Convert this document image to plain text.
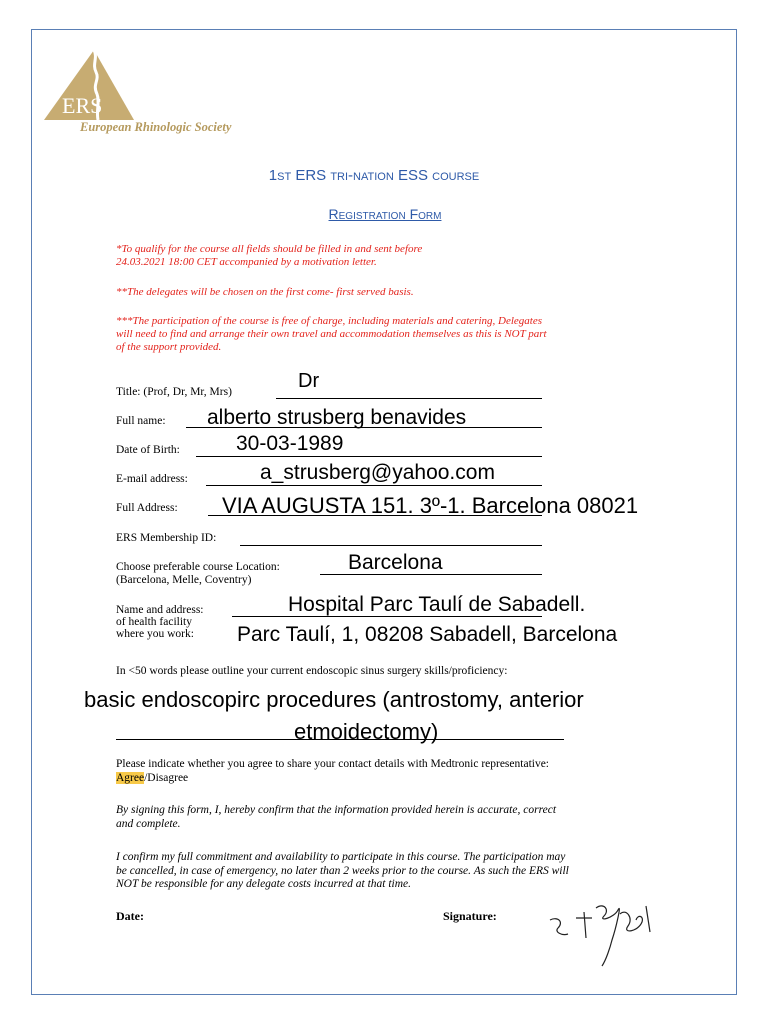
ERS
European Rhinologic Society
1st ERS tri-nation ESS course
Registration Form
*To qualify for the course all fields should be filled in and sent before
24.03.2021 18:00 CET accompanied by a motivation letter.
**The delegates will be chosen on the first come- first served basis.
***The participation of the course is free of charge, including materials and catering, Delegates
will need to find and arrange their own travel and accommodation themselves as this is NOT part
of the support provided.
Title: (Prof, Dr, Mr, Mrs)	Dr
Full name: alberto strusberg benavides
Date of Birth:	30-03-1989
E-mail address:	a_strusberg@yahoo.com
Full Address: VIA AUGUSTA 151. 3º-1. Barcelona 08021
ERS Membership ID:
Choose preferable course Location:
(Barcelona, Melle, Coventry)
Barcelona
Name and address:
of health facility
where you work:
Hospital Parc Taulí de Sabadell.
Parc Taulí, 1, 08208 Sabadell, Barcelona
In <50 words please outline your current endoscopic sinus surgery skills/proficiency:
basic endoscopirc procedures (antrostomy, anterior
etmoidectomy)
Please indicate whether you agree to share your contact details with Medtronic representative:
Agree/Disagree
By signing this form, I, hereby confirm that the information provided herein is accurate, correct
and complete.
I confirm my full commitment and availability to participate in this course. The participation may
be cancelled, in case of emergency, no later than 2 weeks prior to the course. As such the ERS will
NOT be responsible for any delegate costs incurred at that time.
Date:	Signature:
